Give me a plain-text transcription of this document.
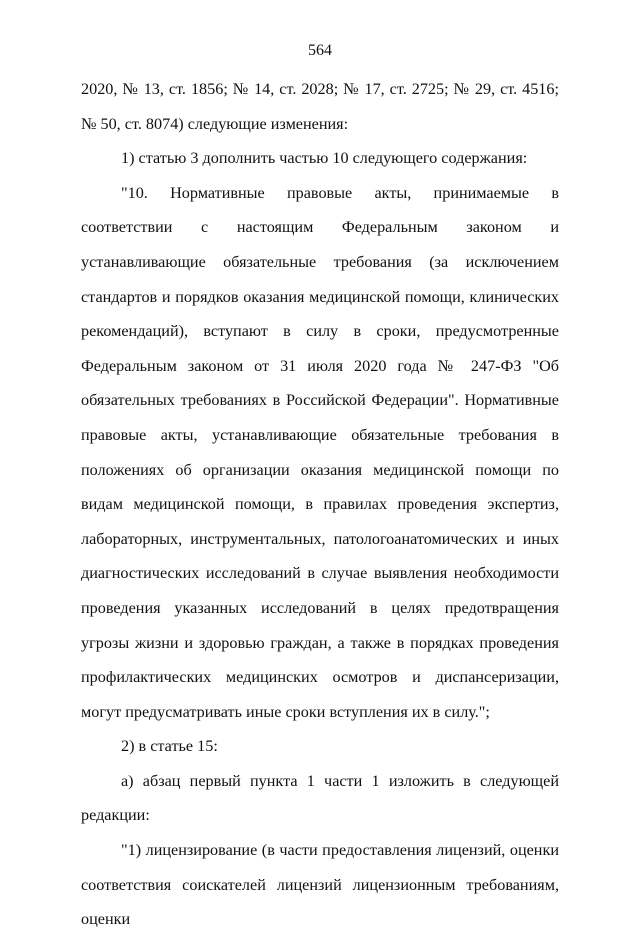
564

2020, № 13, ст. 1856; № 14, ст. 2028; № 17, ст. 2725; № 29, ст. 4516; № 50, ст. 8074) следующие изменения:

1) статью 3 дополнить частью 10 следующего содержания:

"10. Нормативные правовые акты, принимаемые в соответствии с настоящим Федеральным законом и устанавливающие обязательные требования (за исключением стандартов и порядков оказания медицинской помощи, клинических рекомендаций), вступают в силу в сроки, предусмотренные Федеральным законом от 31 июля 2020 года № 247-ФЗ "Об обязательных требованиях в Российской Федерации". Нормативные правовые акты, устанавливающие обязательные требования в положениях об организации оказания медицинской помощи по видам медицинской помощи, в правилах проведения экспертиз, лабораторных, инструментальных, патологоанатомических и иных диагностических исследований в случае выявления необходимости проведения указанных исследований в целях предотвращения угрозы жизни и здоровью граждан, а также в порядках проведения профилактических медицинских осмотров и диспансеризации, могут предусматривать иные сроки вступления их в силу.";

2) в статье 15:

а) абзац первый пункта 1 части 1 изложить в следующей редакции:

"1) лицензирование (в части предоставления лицензий, оценки соответствия соискателей лицензий лицензионным требованиям, оценки
